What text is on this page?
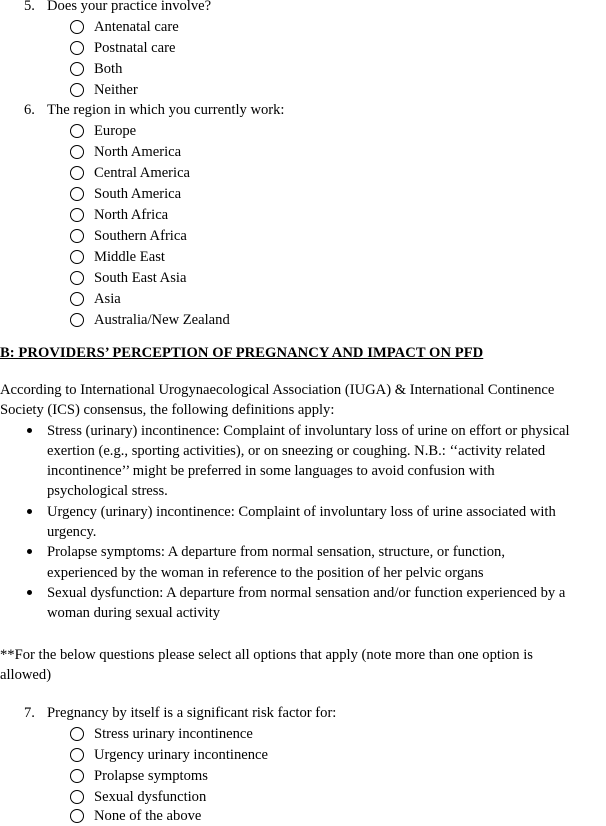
5. Does your practice involve?
Antenatal care
Postnatal care
Both
Neither
6. The region in which you currently work:
Europe
North America
Central America
South America
North Africa
Southern Africa
Middle East
South East Asia
Asia
Australia/New Zealand
B: PROVIDERS’ PERCEPTION OF PREGNANCY AND IMPACT ON PFD
According to International Urogynaecological Association (IUGA) & International Continence
Society (ICS) consensus, the following definitions apply:
Stress (urinary) incontinence: Complaint of involuntary loss of urine on effort or physical
exertion (e.g., sporting activities), or on sneezing or coughing. N.B.: ‘‘activity related
incontinence’’ might be preferred in some languages to avoid confusion with
psychological stress.
Urgency (urinary) incontinence: Complaint of involuntary loss of urine associated with
urgency.
Prolapse symptoms: A departure from normal sensation, structure, or function,
experienced by the woman in reference to the position of her pelvic organs
Sexual dysfunction: A departure from normal sensation and/or function experienced by a
woman during sexual activity
**For the below questions please select all options that apply (note more than one option is
allowed)
7. Pregnancy by itself is a significant risk factor for:
Stress urinary incontinence
Urgency urinary incontinence
Prolapse symptoms
Sexual dysfunction
None of the above
